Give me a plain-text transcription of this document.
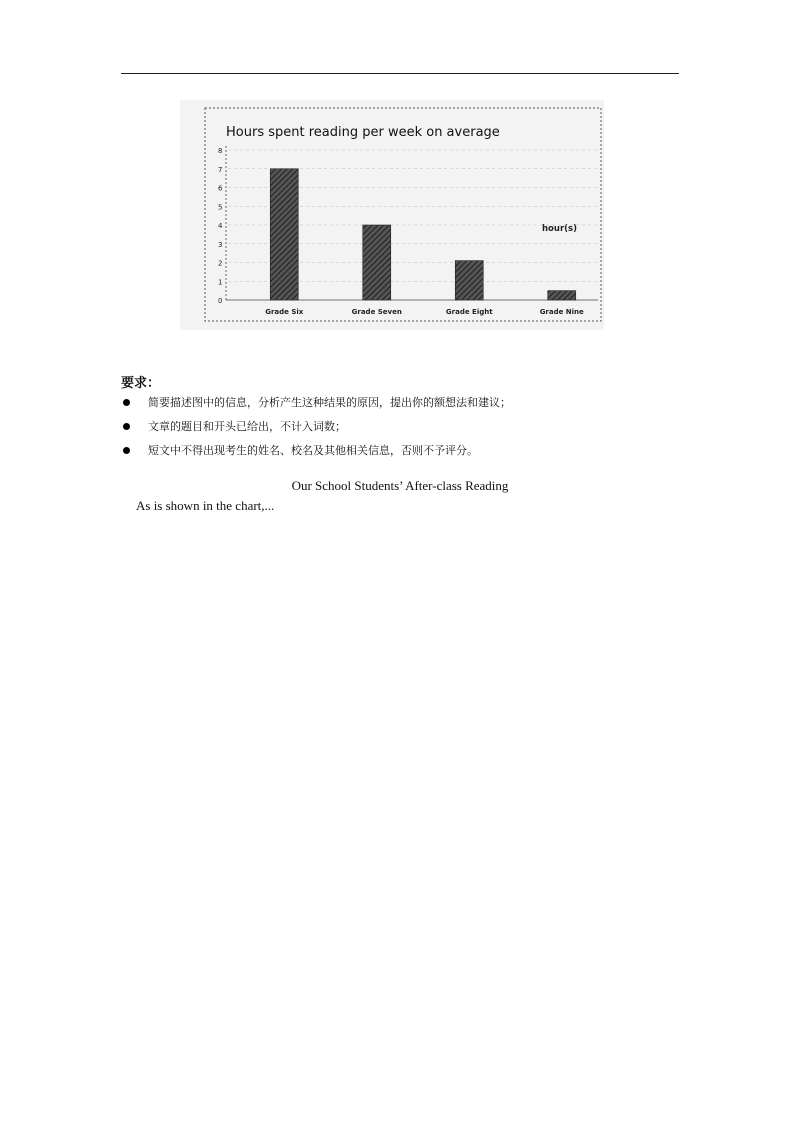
Hours spent reading per week on average
hour(s)
0
1
2
3
4
5
6
7
8
Grade Six	Grade Seven	Grade Eight	Grade Nine
要求：
简要描述图中的信息，分析产生这种结果的原因，提出你的额想法和建议；
文章的题目和开头已给出，不计入词数；
短文中不得出现考生的姓名、校名及其他相关信息，否则不予评分。
Our School Students’ After-class Reading
As is shown in the chart,...
